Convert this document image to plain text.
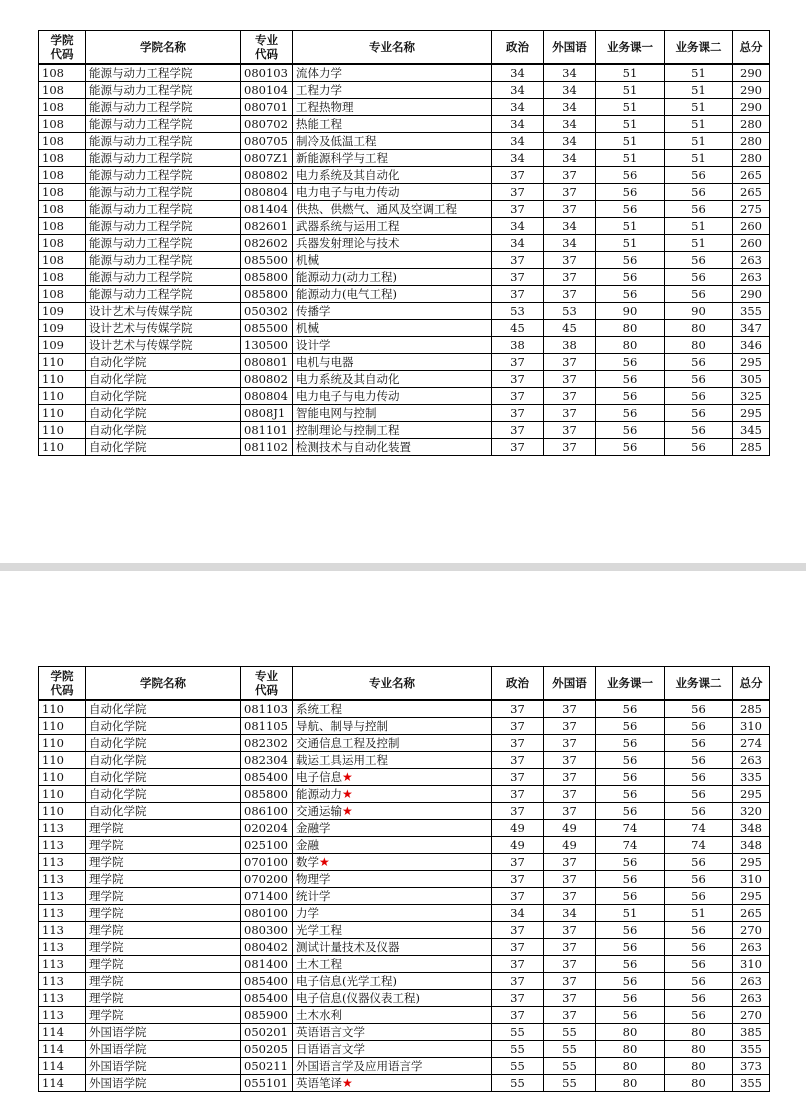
学院
代码	学院名称	专业
代码	专业名称	政治	外国语	业务课一	业务课二	总分
108	能源与动力工程学院	080103	流体力学	34	34	51	51	290
108	能源与动力工程学院	080104	工程力学	34	34	51	51	290
108	能源与动力工程学院	080701	工程热物理	34	34	51	51	290
108	能源与动力工程学院	080702	热能工程	34	34	51	51	280
108	能源与动力工程学院	080705	制冷及低温工程	34	34	51	51	280
108	能源与动力工程学院	0807Z1	新能源科学与工程	34	34	51	51	280
108	能源与动力工程学院	080802	电力系统及其自动化	37	37	56	56	265
108	能源与动力工程学院	080804	电力电子与电力传动	37	37	56	56	265
108	能源与动力工程学院	081404	供热、供燃气、通风及空调工程	37	37	56	56	275
108	能源与动力工程学院	082601	武器系统与运用工程	34	34	51	51	260
108	能源与动力工程学院	082602	兵器发射理论与技术	34	34	51	51	260
108	能源与动力工程学院	085500	机械	37	37	56	56	263
108	能源与动力工程学院	085800	能源动力(动力工程)	37	37	56	56	263
108	能源与动力工程学院	085800	能源动力(电气工程)	37	37	56	56	290
109	设计艺术与传媒学院	050302	传播学	53	53	90	90	355
109	设计艺术与传媒学院	085500	机械	45	45	80	80	347
109	设计艺术与传媒学院	130500	设计学	38	38	80	80	346
110	自动化学院	080801	电机与电器	37	37	56	56	295
110	自动化学院	080802	电力系统及其自动化	37	37	56	56	305
110	自动化学院	080804	电力电子与电力传动	37	37	56	56	325
110	自动化学院	0808J1	智能电网与控制	37	37	56	56	295
110	自动化学院	081101	控制理论与控制工程	37	37	56	56	345
110	自动化学院	081102	检测技术与自动化装置	37	37	56	56	285
学院
代码	学院名称	专业
代码	专业名称	政治	外国语	业务课一	业务课二	总分
110	自动化学院	081103	系统工程	37	37	56	56	285
110	自动化学院	081105	导航、制导与控制	37	37	56	56	310
110	自动化学院	082302	交通信息工程及控制	37	37	56	56	274
110	自动化学院	082304	载运工具运用工程	37	37	56	56	263
110	自动化学院	085400	电子信息★	37	37	56	56	335
110	自动化学院	085800	能源动力★	37	37	56	56	295
110	自动化学院	086100	交通运输★	37	37	56	56	320
113	理学院	020204	金融学	49	49	74	74	348
113	理学院	025100	金融	49	49	74	74	348
113	理学院	070100	数学★	37	37	56	56	295
113	理学院	070200	物理学	37	37	56	56	310
113	理学院	071400	统计学	37	37	56	56	295
113	理学院	080100	力学	34	34	51	51	265
113	理学院	080300	光学工程	37	37	56	56	270
113	理学院	080402	测试计量技术及仪器	37	37	56	56	263
113	理学院	081400	土木工程	37	37	56	56	310
113	理学院	085400	电子信息(光学工程)	37	37	56	56	263
113	理学院	085400	电子信息(仪器仪表工程)	37	37	56	56	263
113	理学院	085900	土木水利	37	37	56	56	270
114	外国语学院	050201	英语语言文学	55	55	80	80	385
114	外国语学院	050205	日语语言文学	55	55	80	80	355
114	外国语学院	050211	外国语言学及应用语言学	55	55	80	80	373
114	外国语学院	055101	英语笔译★	55	55	80	80	355
